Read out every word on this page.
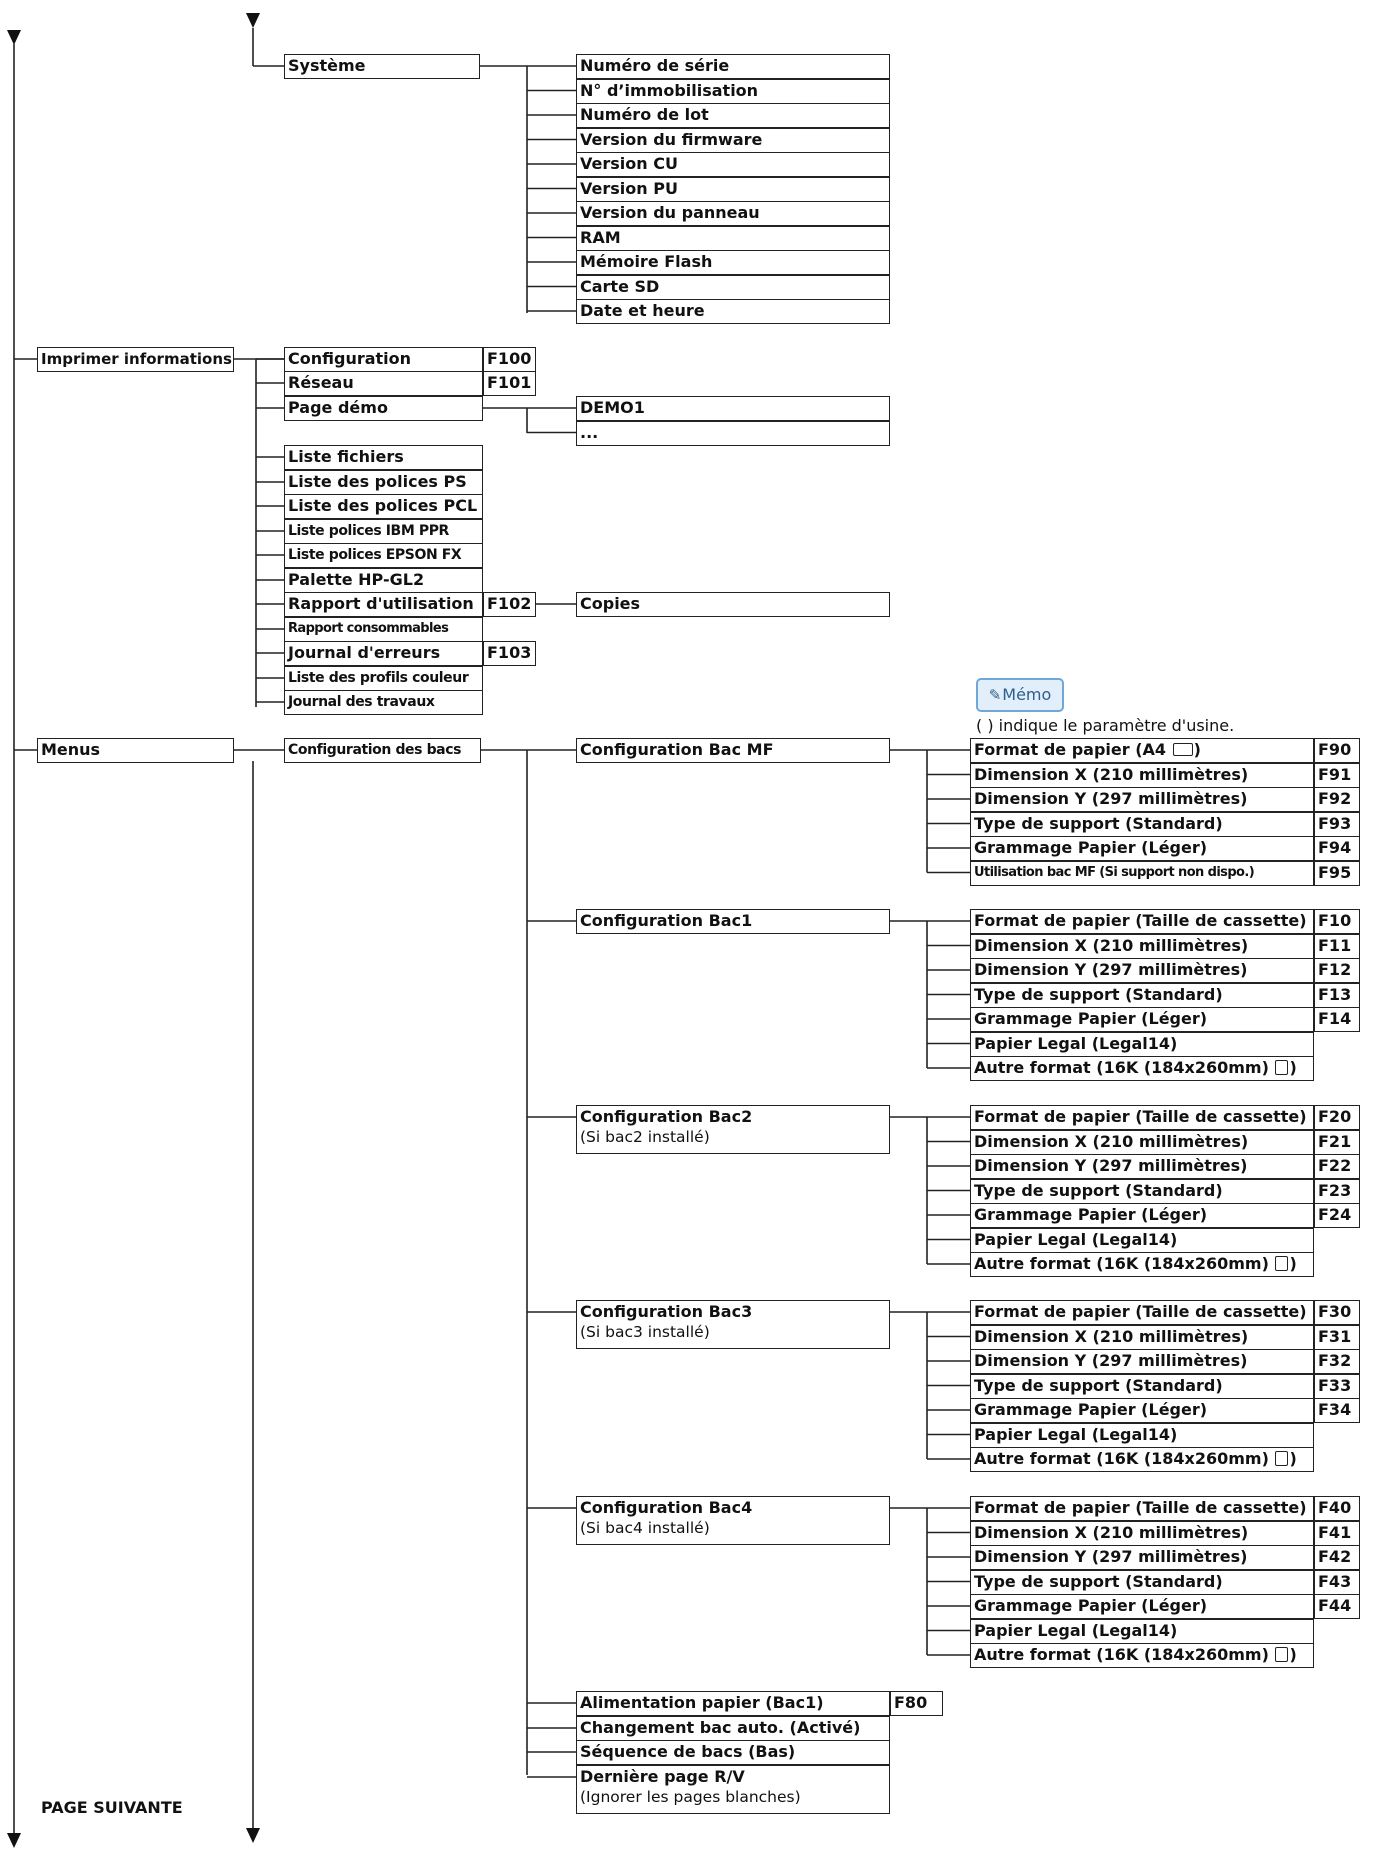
✎Mémo
( ) indique le paramètre d'usine.
PAGE SUIVANTE
Système	Numéro de série
N° d’immobilisation
Numéro de lot
Version du firmware
Version CU
Version PU
Version du panneau
RAM
Mémoire Flash
Carte SD
Date et heure
Imprimer informations	Configuration	F100
Réseau	F101
Page démo
Liste fichiers
Liste des polices PS
Liste des polices PCL
Liste polices IBM PPR
Liste polices EPSON FX
Palette HP-GL2
Rapport d'utilisation F102
Rapport consommables
Journal d'erreurs	F103
Liste des profils couleur
Journal des travaux
DEMO1
...
Copies
Menus	Configuration des bacs	Configuration Bac MF	Format de papier (A4 )	F90
Dimension X (210 millimètres)	F91
Dimension Y (297 millimètres)	F92
Type de support (Standard)	F93
Grammage Papier (Léger)	F94
Utilisation bac MF (Si support non dispo.)	F95
Configuration Bac1	Format de papier (Taille de cassette) F10
Dimension X (210 millimètres)	F11
Dimension Y (297 millimètres)	F12
Type de support (Standard)	F13
Grammage Papier (Léger)	F14
Papier Legal (Legal14)
Autre format (16K (184x260mm) )
Configuration Bac2
(Si bac2 installé)
Format de papier (Taille de cassette) F20
Dimension X (210 millimètres)	F21
Dimension Y (297 millimètres)	F22
Type de support (Standard)	F23
Grammage Papier (Léger)	F24
Papier Legal (Legal14)
Autre format (16K (184x260mm) )
Configuration Bac3
(Si bac3 installé)
Format de papier (Taille de cassette) F30
Dimension X (210 millimètres)	F31
Dimension Y (297 millimètres)	F32
Type de support (Standard)	F33
Grammage Papier (Léger)	F34
Papier Legal (Legal14)
Autre format (16K (184x260mm) )
Configuration Bac4
(Si bac4 installé)
Format de papier (Taille de cassette) F40
Dimension X (210 millimètres)	F41
Dimension Y (297 millimètres)	F42
Type de support (Standard)	F43
Grammage Papier (Léger)	F44
Papier Legal (Legal14)
Autre format (16K (184x260mm) )
Alimentation papier (Bac1)	F80
Changement bac auto. (Activé)
Séquence de bacs (Bas)
Dernière page R/V
(Ignorer les pages blanches)
